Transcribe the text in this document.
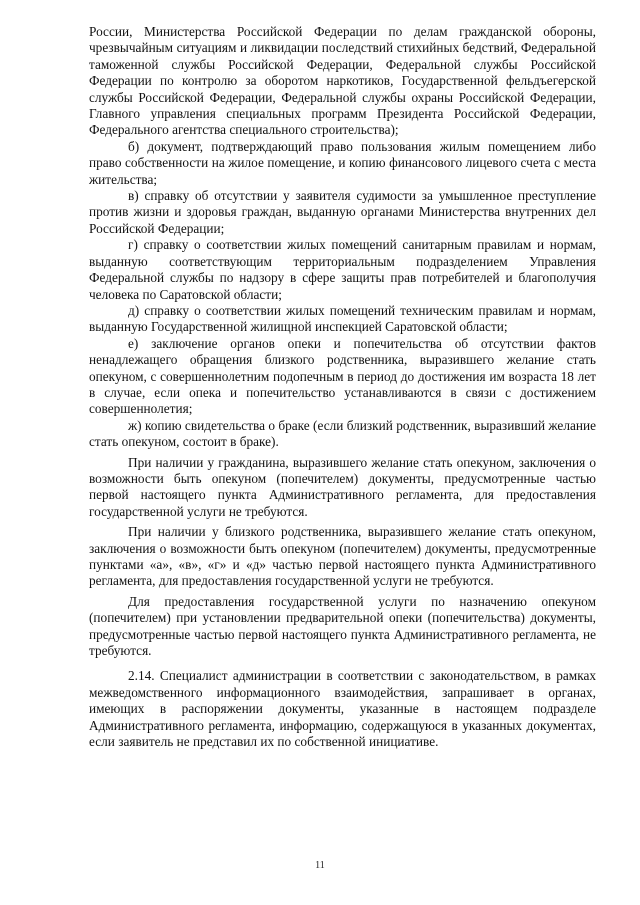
России, Министерства Российской Федерации по делам гражданской обороны, чрезвычайным ситуациям и ликвидации последствий стихийных бедствий, Федеральной таможенной службы Российской Федерации, Федеральной службы Российской Федерации по контролю за оборотом наркотиков, Государственной фельдъегерской службы Российской Федерации, Федеральной службы охраны Российской Федерации, Главного управления специальных программ Президента Российской Федерации, Федерального агентства специального строительства);

б) документ, подтверждающий право пользования жилым помещением либо право собственности на жилое помещение, и копию финансового лицевого счета с места жительства;

в) справку об отсутствии у заявителя судимости за умышленное преступление против жизни и здоровья граждан, выданную органами Министерства внутренних дел Российской Федерации;

г) справку о соответствии жилых помещений санитарным правилам и нормам, выданную соответствующим территориальным подразделением Управления Федеральной службы по надзору в сфере защиты прав потребителей и благополучия человека по Саратовской области;

д) справку о соответствии жилых помещений техническим правилам и нормам, выданную Государственной жилищной инспекцией Саратовской области;

е) заключение органов опеки и попечительства об отсутствии фактов ненадлежащего обращения близкого родственника, выразившего желание стать опекуном, с совершеннолетним подопечным в период до достижения им возраста 18 лет в случае, если опека и попечительство устанавливаются в связи с достижением совершеннолетия;

ж) копию свидетельства о браке (если близкий родственник, выразивший желание стать опекуном, состоит в браке).

При наличии у гражданина, выразившего желание стать опекуном, заключения о возможности быть опекуном (попечителем) документы, предусмотренные частью первой настоящего пункта Административного регламента, для предоставления государственной услуги не требуются.

При наличии у близкого родственника, выразившего желание стать опекуном, заключения о возможности быть опекуном (попечителем) документы, предусмотренные пунктами «а», «в», «г» и «д» частью первой настоящего пункта Административного регламента, для предоставления государственной услуги не требуются.

Для предоставления государственной услуги по назначению опекуном (попечителем) при установлении предварительной опеки (попечительства) документы, предусмотренные частью первой настоящего пункта Административного регламента, не требуются.

2.14. Специалист администрации в соответствии с законодательством, в рамках межведомственного информационного взаимодействия, запрашивает в органах, имеющих в распоряжении документы, указанные в настоящем подразделе Административного регламента, информацию, содержащуюся в указанных документах, если заявитель не представил их по собственной инициативе.

11
